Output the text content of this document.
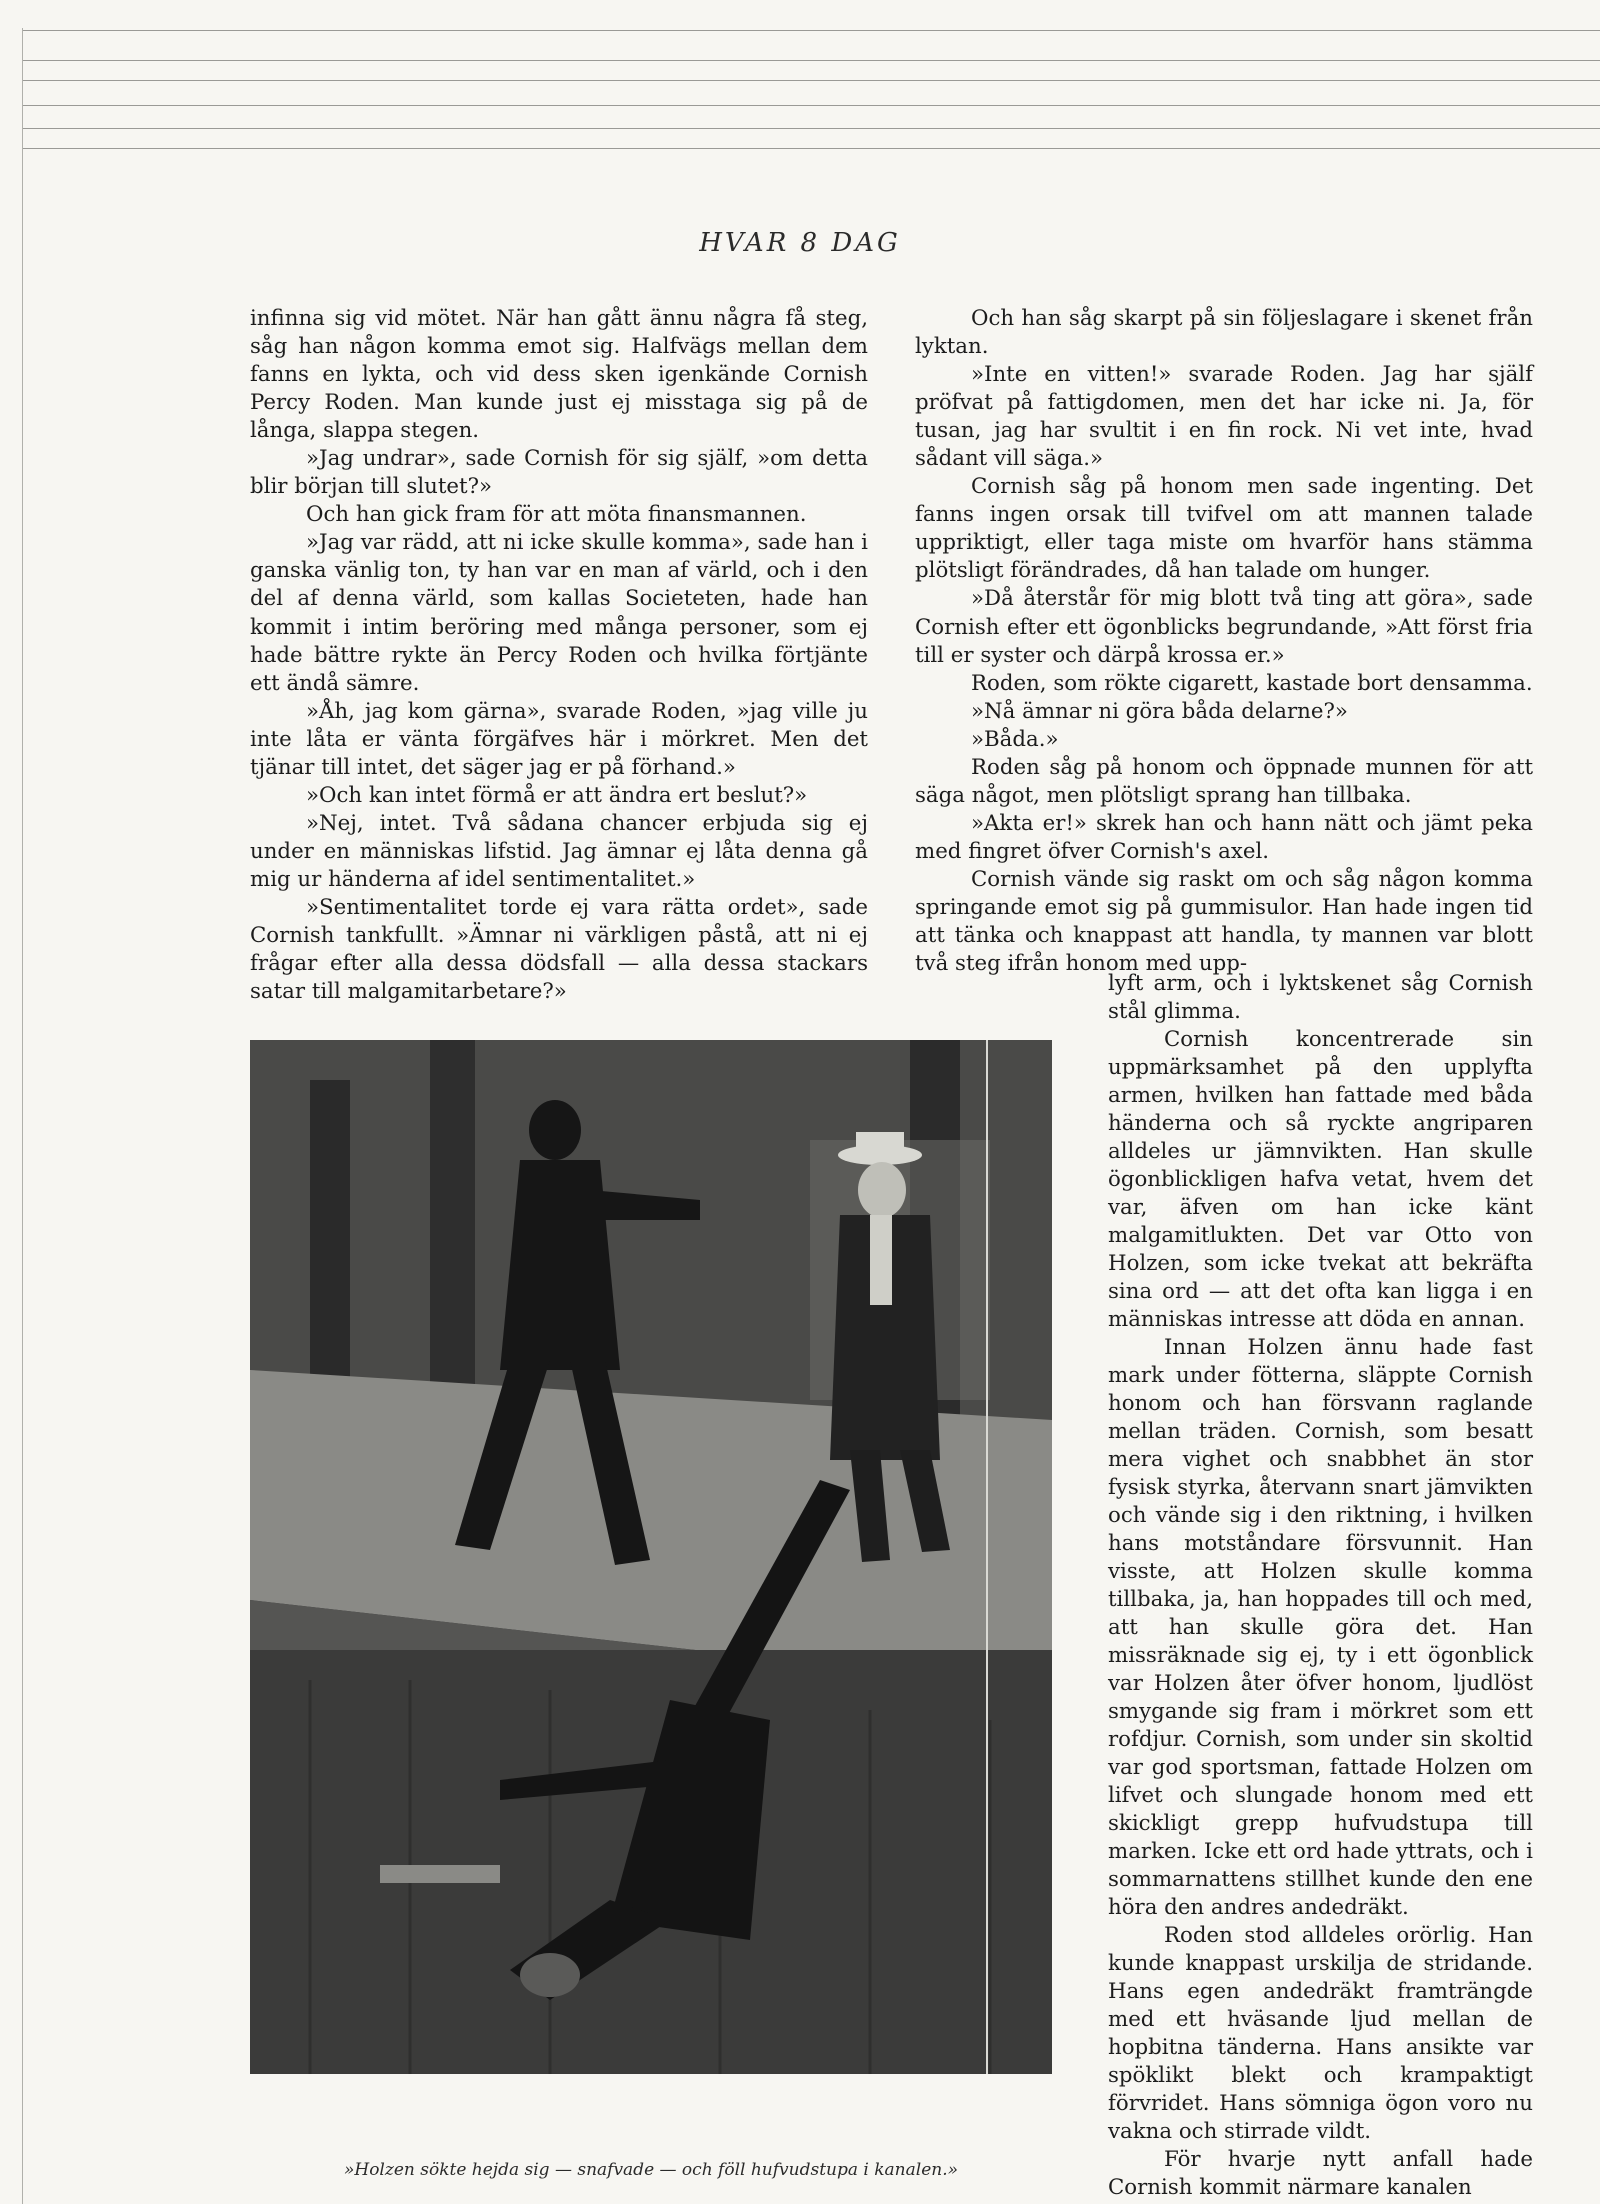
HVAR 8 DAG

infinna sig vid mötet. När han gått ännu några få steg, såg han någon komma emot sig. Halfvägs mellan dem fanns en lykta, och vid dess sken igenkände Cornish Percy Roden. Man kunde just ej misstaga sig på de långa, slappa stegen.

»Jag undrar», sade Cornish för sig själf, »om detta blir början till slutet?»

Och han gick fram för att möta finansmannen.

»Jag var rädd, att ni icke skulle komma», sade han i ganska vänlig ton, ty han var en man af värld, och i den del af denna värld, som kallas Societeten, hade han kommit i intim beröring med många personer, som ej hade bättre rykte än Percy Roden och hvilka förtjänte ett ändå sämre.

»Åh, jag kom gärna», svarade Roden, »jag ville ju inte låta er vänta förgäfves här i mörkret. Men det tjänar till intet, det säger jag er på förhand.»

»Och kan intet förmå er att ändra ert beslut?»

»Nej, intet. Två sådana chancer erbjuda sig ej under en människas lifstid. Jag ämnar ej låta denna gå mig ur händerna af idel sentimentalitet.»

»Sentimentalitet torde ej vara rätta ordet», sade Cornish tankfullt. »Ämnar ni värkligen påstå, att ni ej frågar efter alla dessa dödsfall — alla dessa stackars satar till malgamitarbetare?»

Och han såg skarpt på sin följeslagare i skenet från lyktan.

»Inte en vitten!» svarade Roden. Jag har själf pröfvat på fattigdomen, men det har icke ni. Ja, för tusan, jag har svultit i en fin rock. Ni vet inte, hvad sådant vill säga.»

Cornish såg på honom men sade ingenting. Det fanns ingen orsak till tvifvel om att mannen talade uppriktigt, eller taga miste om hvarför hans stämma plötsligt förändrades, då han talade om hunger.

»Då återstår för mig blott två ting att göra», sade Cornish efter ett ögonblicks begrundande, »Att först fria till er syster och därpå krossa er.»

Roden, som rökte cigarett, kastade bort densamma.

»Nå ämnar ni göra båda delarne?»

»Båda.»

Roden såg på honom och öppnade munnen för att säga något, men plötsligt sprang han tillbaka.

»Akta er!» skrek han och hann nätt och jämt peka med fingret öfver Cornish's axel.

Cornish vände sig raskt om och såg någon komma springande emot sig på gummisulor. Han hade ingen tid att tänka och knappast att handla, ty mannen var blott två steg ifrån honom med upp-

lyft arm, och i lyktskenet såg Cornish stål glimma.

Cornish koncentrerade sin uppmärksamhet på den upplyfta armen, hvilken han fattade med båda händerna och så ryckte angriparen alldeles ur jämnvikten. Han skulle ögonblickligen hafva vetat, hvem det var, äfven om han icke känt malgamitlukten. Det var Otto von Holzen, som icke tvekat att bekräfta sina ord — att det ofta kan ligga i en människas intresse att döda en annan.

Innan Holzen ännu hade fast mark under fötterna, släppte Cornish honom och han försvann raglande mellan träden. Cornish, som besatt mera vighet och snabbhet än stor fysisk styrka, återvann snart jämvikten och vände sig i den riktning, i hvilken hans motståndare försvunnit. Han visste, att Holzen skulle komma tillbaka, ja, han hoppades till och med, att han skulle göra det. Han missräknade sig ej, ty i ett ögonblick var Holzen åter öfver honom, ljudlöst smygande sig fram i mörkret som ett rofdjur. Cornish, som under sin skoltid var god sportsman, fattade Holzen om lifvet och slungade honom med ett skickligt grepp hufvudstupa till marken. Icke ett ord hade yttrats, och i sommarnattens stillhet kunde den ene höra den andres andedräkt.

Roden stod alldeles orörlig. Han kunde knappast urskilja de stridande. Hans egen andedräkt framträngde med ett hväsande ljud mellan de hopbitna tänderna. Hans ansikte var spöklikt blekt och krampaktigt förvridet. Hans sömniga ögon voro nu vakna och stirrade vildt.

För hvarje nytt anfall hade Cornish kommit närmare kanalen

»Holzen sökte hejda sig — snafvade — och föll hufvudstupa i kanalen.»
